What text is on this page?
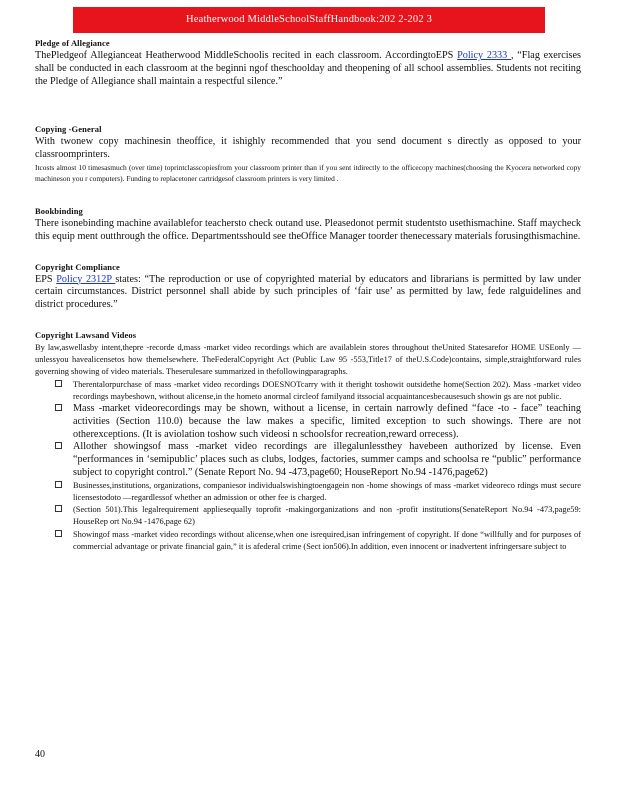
Heatherwood MiddleSchoolStaffHandbook:202 2-202 3
Pledge of Allegiance

ThePledgeof Allegianceat Heatherwood MiddleSchoolis recited in each classroom. AccordingtoEPS Policy 2333 , “Flag exercises shall be conducted in each classroom at the beginni ngof theschoolday and theopening of all school assemblies. Students not reciting the Pledge of Allegiance shall maintain a respectful silence.”

Copying -General

With twonew copy machinesin theoffice, it ishighly recommended that you send document s directly as opposed to your classroomprinters.

Itcosts almost 10 timesasmuch (over time) toprintclasscopiesfrom your classroom printer than if you sent itdirectly to the officecopy machines(choosing the Kyocera networked copy machineson you r computers). Funding to replacetoner cartridgesof classroom printers is very limited .

Bookbinding

There isonebinding machine availablefor teachersto check outand use. Pleasedonot permit studentsto usethismachine. Staff maycheck this equip ment outthrough the office. Departmentsshould see theOffice Manager toorder thenecessary materials forusingthismachine.

Copyright Compliance

EPS Policy 2312P states: “The reproduction or use of copyrighted material by educators and librarians is permitted by law under certain circumstances. District personnel shall abide by such principles of ‘fair use’ as permitted by law, fede ralguidelines and district procedures.”

Copyright Lawsand Videos

By law,aswellasby intent,thepre -recorde d,mass -market video recordings which are availablein stores throughout theUnited Statesarefor HOME USEonly —unlessyou havealicensetos how themelsewhere. TheFederalCopyright Act (Public Law 95 -553,Title17 of theU.S.Code)contains, simple,straightforward rules governing showing of video materials. Theserulesare summarized in thefollowingparagraphs.

Therentalorpurchase of mass -market video recordings DOESNOTcarry with it theright toshowit outsidethe home(Section 202). Mass -market video recordings maybeshown, without alicense,in the hometo anormal circleof familyand itssocial acquaintancesbecausesuch showin gs are not public.
Mass -market videorecordings may be shown, without a license, in certain narrowly defined “face -to - face” teaching activities (Section 110.0) because the law makes a specific, limited exception to such showings. There are not otherexceptions. (It is aviolation toshow such videosi n schoolsfor recreation,reward orrecess).
Allother showingsof mass -market video recordings are illegalunlessthey havebeen authorized by license. Even “performances in ‘semipublic’ places such as clubs, lodges, factories, summer camps and schoolsa re “public” performance subject to copyright control.” (Senate Report No. 94 -473,page60; HouseReport No.94 -1476,page62)
Businesses,institutions, organizations, companiesor individualswishingtoengagein non -home showings of mass -market videoreco rdings must secure licensestodoto —regardlessof whether an admission or other fee is charged.
(Section 501).This legalrequirement appliesequally toprofit -makingorganizations and non -profit institutions(SenateReport No.94 -473,page59: HouseRep ort No.94 -1476,page 62)
Showingof mass -market video recordings without alicense,when one isrequired,isan infringement of copyright. If done “willfully and for purposes of commercial advantage or private financial gain,” it is afederal crime (Sect ion506).In addition, even innocent or inadvertent infringersare subject to
40
